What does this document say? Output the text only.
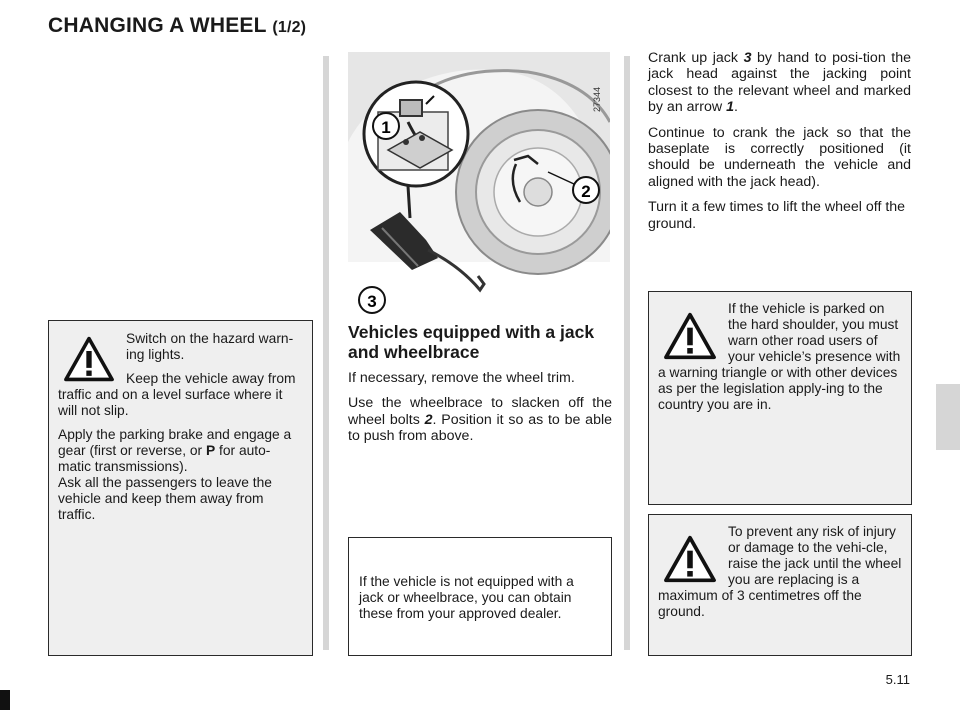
CHANGING A WHEEL (1/2)

Switch on the hazard warn-ing lights.

Keep the vehicle away from traffic and on a level surface where it will not slip.

Apply the parking brake and engage a gear (first or reverse, or P for auto-matic transmissions).

Ask all the passengers to leave the vehicle and keep them away from traffic.

27344
1
2
3
Vehicles equipped with a jack and wheelbrace

If necessary, remove the wheel trim.

Use the wheelbrace to slacken off the wheel bolts 2. Position it so as to be able to push from above.

If the vehicle is not equipped with a jack or wheelbrace, you can obtain these from your approved dealer.

Crank up jack 3 by hand to posi-tion the jack head against the jacking point closest to the relevant wheel and marked by an arrow 1.

Continue to crank the jack so that the baseplate is correctly positioned (it should be underneath the vehicle and aligned with the jack head).

Turn it a few times to lift the wheel off the ground.

If the vehicle is parked on the hard shoulder, you must warn other road users of your vehicle’s presence with a warning triangle or with other devices as per the legislation apply-ing to the country you are in.

To prevent any risk of injury or damage to the vehi-cle, raise the jack until the wheel you are replacing is a maximum of 3 centimetres off the ground.

5.11
